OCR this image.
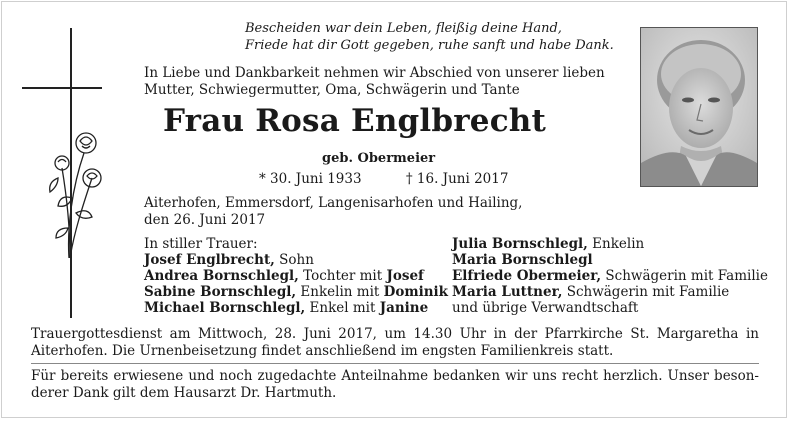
Bescheiden war dein Leben, fleißig deine Hand,
Friede hat dir Gott gegeben, ruhe sanft und habe Dank.
In Liebe und Dankbarkeit nehmen wir Abschied von unserer lieben
Mutter, Schwiegermutter, Oma, Schwägerin und Tante
Frau Rosa Englbrecht
geb. Obermeier
* 30. Juni 1933	† 16. Juni 2017
Aiterhofen, Emmersdorf, Langenisarhofen und Hailing,
den 26. Juni 2017
In stiller Trauer:
Josef Englbrecht, Sohn
Andrea Bornschlegl, Tochter mit Josef
Sabine Bornschlegl, Enkelin mit Dominik
Michael Bornschlegl, Enkel mit Janine
Julia Bornschlegl, Enkelin
Maria Bornschlegl
Elfriede Obermeier, Schwägerin mit Familie
Maria Luttner, Schwägerin mit Familie
und übrige Verwandtschaft
Trauergottesdienst am Mittwoch, 28. Juni 2017, um 14.30 Uhr in der Pfarrkirche St. Margaretha in
Aiterhofen. Die Urnenbeisetzung findet anschließend im engsten Familienkreis statt.
Für bereits erwiesene und noch zugedachte Anteilnahme bedanken wir uns recht herzlich. Unser beson-
derer Dank gilt dem Hausarzt Dr. Hartmuth.
